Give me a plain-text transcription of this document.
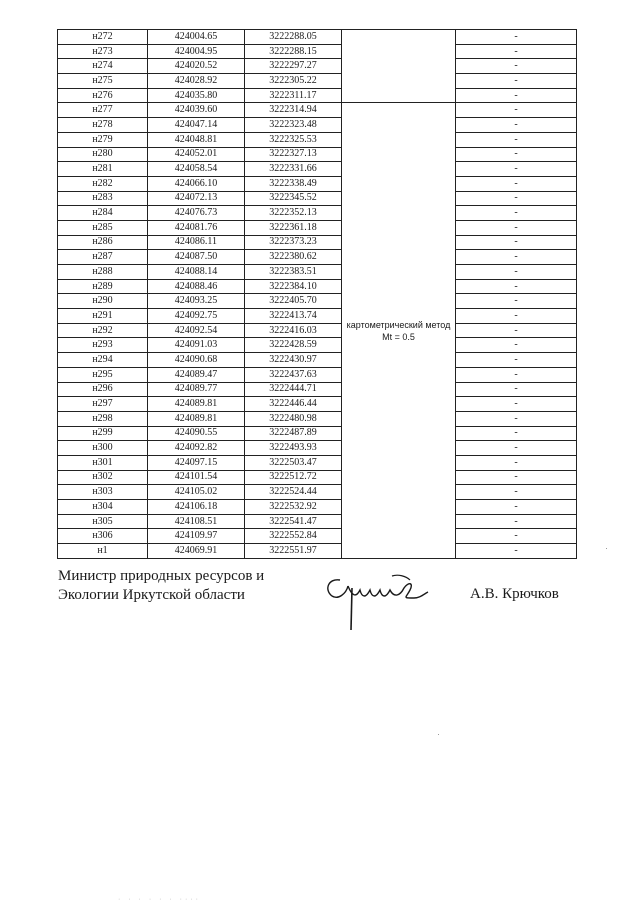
н272	424004.65	3222288.05		-
н273	424004.95	3222288.15		-
н274	424020.52	3222297.27		-
н275	424028.92	3222305.22		-
н276	424035.80	3222311.17		-
н277	424039.60	3222314.94	картометрический метод Mt = 0.5	-
н278	424047.14	3222323.48		-
н279	424048.81	3222325.53		-
н280	424052.01	3222327.13		-
н281	424058.54	3222331.66		-
н282	424066.10	3222338.49		-
н283	424072.13	3222345.52		-
н284	424076.73	3222352.13		-
н285	424081.76	3222361.18		-
н286	424086.11	3222373.23		-
н287	424087.50	3222380.62		-
н288	424088.14	3222383.51		-
н289	424088.46	3222384.10		-
н290	424093.25	3222405.70		-
н291	424092.75	3222413.74		-
н292	424092.54	3222416.03		-
н293	424091.03	3222428.59		-
н294	424090.68	3222430.97		-
н295	424089.47	3222437.63		-
н296	424089.77	3222444.71		-
н297	424089.81	3222446.44		-
н298	424089.81	3222480.98		-
н299	424090.55	3222487.89		-
н300	424092.82	3222493.93		-
н301	424097.15	3222503.47		-
н302	424101.54	3222512.72		-
н303	424105.02	3222524.44		-
н304	424106.18	3222532.92		-
н305	424108.51	3222541.47		-
н306	424109.97	3222552.84		-
н1	424069.91	3222551.97		-
Министр природных ресурсов и
Экологии Иркутской области	А.В. Крючков
· · · · · · ····
